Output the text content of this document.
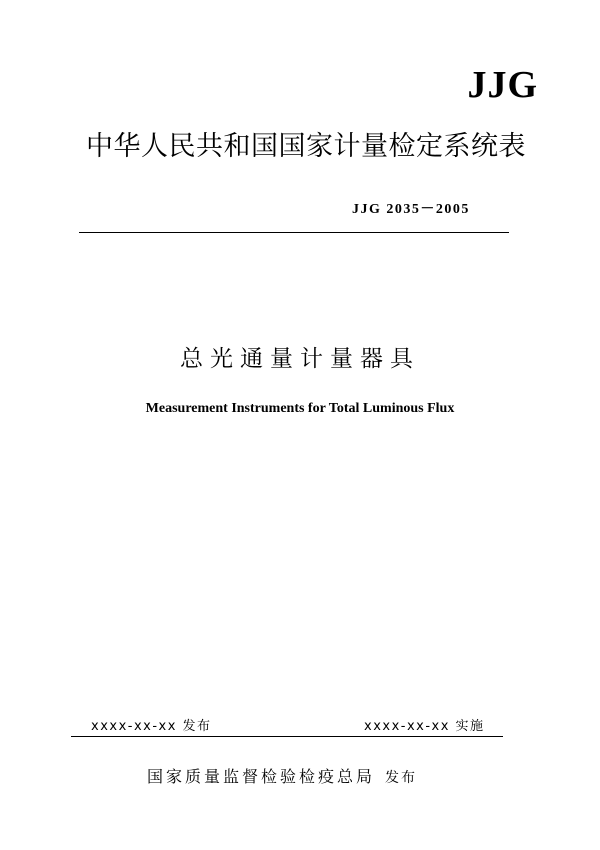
JJG
中华人民共和国国家计量检定系统表
JJG 2035－2005
总光通量计量器具
Measurement Instruments for Total Luminous Flux
xxxx-xx-xx 发布	xxxx-xx-xx 实施
国家质量监督检验检疫总局 发布
